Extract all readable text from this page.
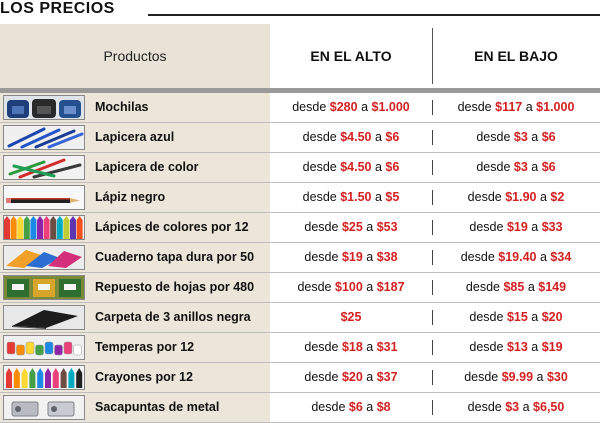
LOS PRECIOS
Productos	EN EL ALTO	EN EL BAJO
Mochilas	desde $280 a $1.000	desde $117 a $1.000
Lapicera azul	desde $4.50 a $6	desde $3 a $6
Lapicera de color	desde $4.50 a $6	desde $3 a $6
Lápiz negro	desde $1.50 a $5	desde $1.90 a $2
Lápices de colores por 12	desde $25 a $53	desde $19 a $33
Cuaderno tapa dura por 50	desde $19 a $38	desde $19.40 a $34
Repuesto de hojas por 480	desde $100 a $187	desde $85 a $149
Carpeta de 3 anillos negra	$25	desde $15 a $20
Temperas por 12	desde $18 a $31	desde $13 a $19
Crayones por 12	desde $20 a $37	desde $9.99 a $30
Sacapuntas de metal	desde $6 a $8	desde $3 a $6,50
